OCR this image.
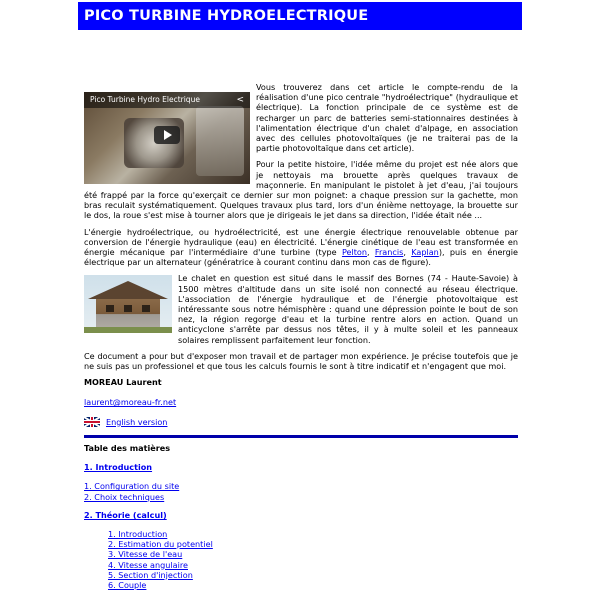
PICO TURBINE HYDROELECTRIQUE
Pico Turbine Hydro Electrique	<

Vous trouverez dans cet article le compte-rendu de la réalisation d'une pico centrale "hydroélectrique" (hydraulique et électrique). La fonction principale de ce système est de recharger un parc de batteries semi-stationnaires destinées à l'alimentation électrique d'un chalet d'alpage, en association avec des cellules photovoltaïques (je ne traiterai pas de la partie photovoltaïque dans cet article).

Pour la petite histoire, l'idée même du projet est née alors que je nettoyais ma brouette après quelques travaux de maçonnerie. En manipulant le pistolet à jet d'eau, j'ai toujours été frappé par la force qu'exerçait ce dernier sur mon poignet: a chaque pression sur la gachette, mon bras reculait systématiquement. Quelques travaux plus tard, lors d'un énième nettoyage, la brouette sur le dos, la roue s'est mise à tourner alors que je dirigeais le jet dans sa direction, l'idée était née ...

L'énergie hydroélectrique, ou hydroélectricité, est une énergie électrique renouvelable obtenue par conversion de l'énergie hydraulique (eau) en électricité. L'énergie cinétique de l'eau est transformée en énergie mécanique par l'intermédiaire d'une turbine (type Pelton, Francis, Kaplan), puis en énergie électrique par un alternateur (génératrice à courant continu dans mon cas de figure).

Le chalet en question est situé dans le massif des Bornes (74 - Haute-Savoie) à 1500 mètres d'altitude dans un site isolé non connecté au réseau électrique. L'association de l'énergie hydraulique et de l'énergie photovoltaique est intéressante sous notre hémisphère : quand une dépression pointe le bout de son nez, la région regorge d'eau et la turbine rentre alors en action. Quand un anticyclone s'arrête par dessus nos têtes, il y à multe soleil et les panneaux solaires remplissent parfaitement leur fonction.

Ce document a pour but d'exposer mon travail et de partager mon expérience. Je précise toutefois que je ne suis pas un professionel et que tous les calculs fournis le sont à titre indicatif et n'engagent que moi.

MOREAU Laurent
laurent@moreau-fr.net
English version
Table des matières
1. Introduction
1. Configuration du site
2. Choix techniques
2. Théorie (calcul)
1. Introduction
2. Estimation du potentiel
3. Vitesse de l'eau
4. Vitesse angulaire
5. Section d'injection
6. Couple
